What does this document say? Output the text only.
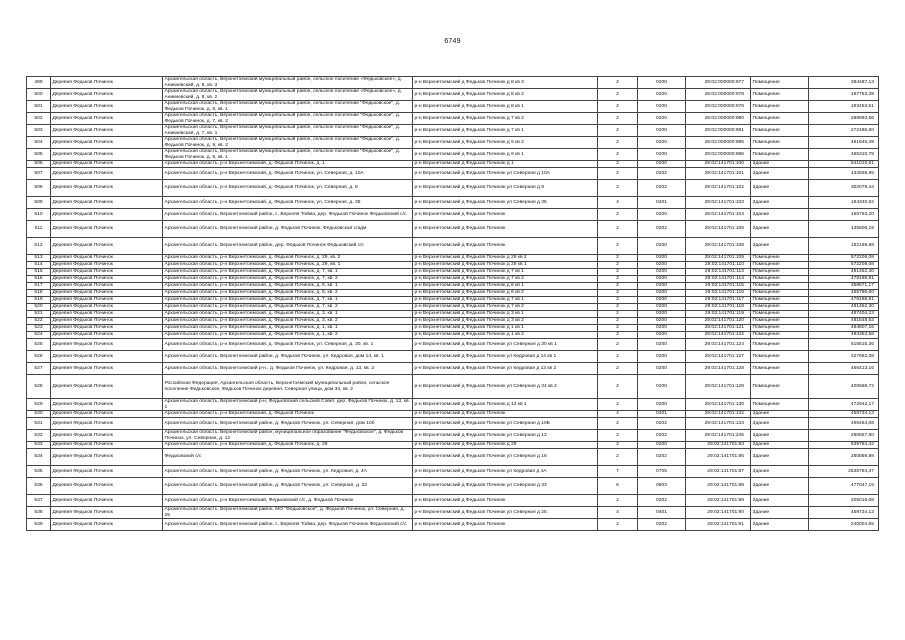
6749
499	Деревня Федьков Починок	Архангельская область, Верхнетоемский муниципальный район, сельское поселение «Федьковское», д. Аникиевский, д. 8, кв. 3	р-н Верхнетоемский д Федьков Починок д 8 кв 3	2	0200	29:02:000000:977	Помещение	384487,13
500	Деревня Федьков Починок	Архангельская область, Верхнетоемский муниципальный район, сельское поселение «Федьковское», д. Аникиевский, д. 8, кв. 2	р-н Верхнетоемский д Федьков Починок д 8 кв 2	2	0200	29:02:000000:978	Помещение	197753,39
501	Деревня Федьков Починок	Архангельская область, Верхнетоемский муниципальный район, сельское поселение "Федьковское", д. Федьков Починок, д. 8, кв. 1	р-н Верхнетоемский д Федьков Починок д 8 кв 1	2	0200	29:02:000000:979	Помещение	193453,51
502	Деревня Федьков Починок	Архангельская область, Верхнетоемский муниципальный район, сельское поселение "Федьковское", д. Федьков Починок, д. 7, кв. 2	р-н Верхнетоемский д Федьков Починок д 7 кв 2	2	0200	29:02:000000:980	Помещение	289893,56
503	Деревня Федьков Починок	Архангельская область, Верхнетоемский муниципальный район, сельское поселение "Федьковское", д. Аникиевская, д. 7, кв. 1	р-н Верхнетоемский д Федьков Починок д 7 кв 1	2	0200	29:02:000000:981	Помещение	272486,60
504	Деревня Федьков Починок	Архангельская область, Верхнетоемский муниципальный район, сельское поселение "Федьковское", д. Федьков Починок, д. 9, кв. 2	р-н Верхнетоемский д Федьков Починок д 9 кв 2	2	0200	29:02:000000:985	Помещение	461845,49
505	Деревня Федьков Починок	Архангельская область, Верхнетоемский муниципальный район, сельское поселение "Федьковское", д. Федьков Починок, д. 9, кв. 1	р-н Верхнетоемский д Федьков Починок д 9 кв 1	2	0200	29:02:000000:986	Помещение	465310,79
506	Деревня Федьков Починок	Архангельская область, р-н Верхнетоемский, д. Федьков Починок, д. 1	р-н Верхнетоемский д Федьков Починок д 1	2	0200	29:02:141701:100	Здание	541010,61
507	Деревня Федьков Починок	Архангельская область, р-н Верхнетоемский, д. Федьков Починок, ул. Северная, д. 10А	р-н Верхнетоемский д Федьков Починок ул Северная д 10А	2	0202	29:02:141701:101	Здание	134938,95
508	Деревня Федьков Починок	Архангельская область, р-н Верхнетоемский, д. Федьков Починок, ул. Северная, д. 8	р-н Верхнетоемский д Федьков Починок ул Северная д 8	2	0202	29:02:141701:102	Здание	302079,44
509	Деревня Федьков Починок	Архангельская область, р-н Верхнетоемский, д. Федьков Починок, ул. Северная, д. 35	р-н Верхнетоемский д Федьков Починок ул Северная д 35	4	0401	29:02:141701:103	Здание	184340,52
510	Деревня Федьков Починок	Архангельская область, Верхнетоемский район, с. Верхняя Тойма, дер. Федьков Починок Федьковский с/с	р-н Верхнетоемский д Федьков Починок	2	0200	29:02:141701:104	Здание	165753,20
511	Деревня Федьков Починок	Архангельская область, Верхнетоемский район, д. Федьков Починок, Федьковская с/адм	р-н Верхнетоемский д Федьков Починок	2	0202	29:02:141701:105	Здание	135806,19
512	Деревня Федьков Починок	Архангельская область, Верхнетоемский район, дер. Федьков Починок Федьковский с/с	р-н Верхнетоемский д Федьков Починок	2	0200	29:02:141701:108	Здание	182168,68
513	Деревня Федьков Починок	Архангельская область, р-н Верхнетоемский, д. Федьков Починок, д. 29, кв. 2	р-н Верхнетоемский д Федьков Починок д 29 кв 2	2	0200	29:02:141701:109	Помещение	572208,08
514	Деревня Федьков Починок	Архангельская область, р-н Верхнетоемский, д. Федьков Починок, д. 29, кв. 1	р-н Верхнетоемский д Федьков Починок д 29 кв 1	2	0200	29:02:141701:110	Помещение	572208,08
515	Деревня Федьков Починок	Архангельская область, р-н Верхнетоемский, д. Федьков Починок, д. 7, кв. 1	р-н Верхнетоемский д Федьков Починок д 7 кв 1	2	0200	29:02:141701:113	Помещение	481452,30
516	Деревня Федьков Починок	Архангельская область, р-н Верхнетоемский, д. Федьков Починок, д. 7, кв. 2	р-н Верхнетоемский д Федьков Починок д 7 кв 2	2	0200	29:02:141701:114	Помещение	479188,91
517	Деревня Федьков Починок	Архангельская область, р-н Верхнетоемский, д. Федьков Починок, д. 6, кв. 1	р-н Верхнетоемский д Федьков Починок д 6 кв 1	2	0200	29:02:141701:115	Помещение	358671,17
518	Деревня Федьков Починок	Архангельская область, р-н Верхнетоемский, д. Федьков Починок, д. 6, кв. 2	р-н Верхнетоемский д Федьков Починок д 6 кв 2	2	0200	29:02:141701:116	Помещение	465786,60
519	Деревня Федьков Починок	Архангельская область, р-н Верхнетоемский, д. Федьков Починок, д. 7, кв. 1	р-н Верхнетоемский д Федьков Починок д 7 кв 1	2	0200	29:02:141701:117	Помещение	479188,91
520	Деревня Федьков Починок	Архангельская область, р-н Верхнетоемский, д. Федьков Починок, д. 7, кв. 2	р-н Верхнетоемский д Федьков Починок д 7 кв 2	2	0200	29:02:141701:118	Помещение	481452,30
521	Деревня Федьков Починок	Архангельская область, р-н Верхнетоемский, д. Федьков Починок, д. 3, кв. 1	р-н Верхнетоемский д Федьков Починок д 3 кв 1	2	0200	29:02:141701:119	Помещение	487404,23
522	Деревня Федьков Починок	Архангельская область, р-н Верхнетоемский, д. Федьков Починок, д. 3, кв. 2	р-н Верхнетоемский д Федьков Починок д 3 кв 2	2	0200	29:02:141701:120	Помещение	481548,62
523	Деревня Федьков Починок	Архангельская область, р-н Верхнетоемский, д. Федьков Починок, д. 1, кв. 1	р-н Верхнетоемский д Федьков Починок д 1 кв 1	2	0200	29:02:141701:121	Помещение	484807,16
524	Деревня Федьков Починок	Архангельская область, р-н Верхнетоемский, д. Федьков Починок, д. 1, кв. 2	р-н Верхнетоемский д Федьков Починок д 1 кв 2	2	0200	29:02:141701:122	Помещение	483353,58
525	Деревня Федьков Починок	Архангельская область, р-н Верхнетоемский, д. Федьков Починок, ул. Северная, д. 30, кв. 1	р-н Верхнетоемский д Федьков Починок ул Северная д 30 кв 1	2	0200	29:02:141701:124	Помещение	615615,36
526	Деревня Федьков Починок	Архангельская область, Верхнетоемский район, д. Федьков Починок, ул. Кедровая, дом 14, кв. 1	р-н Верхнетоемский д Федьков Починок ул Кедровая д 14 кв 1	2	0200	29:02:141701:127	Помещение	327682,08
527	Деревня Федьков Починок	Архангельская область, Верхнетоемский р-н., д. Федьков Починок, ул. Кедровая, д. 13, кв. 2	р-н Верхнетоемский д Федьков Починок ул Кедровая д 13 кв 2	2	0200	29:02:141701:128	Помещение	466413,16
528	Деревня Федьков Починок	Российская Федерация, Архангельская область, Верхнетоемский муниципальный район, сельское поселение Федьковское, Федьков Починок деревня, Северная улица, дом 34, кв. 2	р-н Верхнетоемский д Федьков Починок ул Северная д 34 кв 2	2	0200	29:02:141701:129	Помещение	400658,72
529	Деревня Федьков Починок	Архангельская область, Верхнетоемский р-н, Федьковский сельский Совет, дер. Федьков Починок, д. 13, кв. 1	р-н Верхнетоемский д Федьков Починок д 13 кв 1	2	0200	29:02:141701:130	Помещение	472942,17
530	Деревня Федьков Починок	Архангельская область, р-н Верхнетоемский, д. Федьков Починок	р-н Верхнетоемский д Федьков Починок	4	0401	29:02:141701:132	Здание	459734,13
531	Деревня Федьков Починок	Архангельская область, Верхнетоемский район, д. Федьков Починок, ул. Северная, дом 10б	р-н Верхнетоемский д Федьков Починок ул Северная д 10Б	2	0202	29:02:141701:134	Здание	496464,08
532	Деревня Федьков Починок	Архангельская область, Верхнетоемский район, муниципальное образование "Федьковское", д. Федьков Починок, ул. Северная, д. 12	р-н Верхнетоемский д Федьков Починок ул Северная д 12	2	0202	29:02:141701:245	Здание	250657,60
533	Деревня Федьков Починок	Архангельская область, р-н Верхнетоемский, д. Федьков Починок, д. 29	р-н Верхнетоемский д Федьков Починок д 29	2	0200	29:02:141701:83	Здание	639784,42
534	Деревня Федьков Починок	Федьковский с/с	р-н Верхнетоемский д Федьков Починок ул Северная д 16	2	0202	29:02:141701:85	Здание	280889,98
535	Деревня Федьков Починок	Архангельская область, Верхнетоемский район, д. Федьков Починок, ул. Кедровая, д. 4А	р-н Верхнетоемский д Федьков Починок ул Кедровая д 4А	7	0705	29:02:141701:87	Здание	2536784,37
536	Деревня Федьков Починок	Архангельская область, Верхнетоемский район, д. Федьков Починок, ул. Северная, д. 33	р-н Верхнетоемский д Федьков Починок ул Северная д 33	6	0603	29:02:141701:88	Здание	477047,15
537	Деревня Федьков Починок	Архангельская область, р-н Верхнетоемский, Федьковский с/с, д. Федьков Починок	р-н Верхнетоемский д Федьков Починок	2	0202	29:02:141701:89	Здание	205016,08
538	Деревня Федьков Починок	Архангельская область, Верхнетоемский район, МО "Федьковское", д. Федьков Починок, ул. Северная, д. 25	р-н Верхнетоемский д Федьков Починок ул Северная д 25	4	0401	29:02:141701:90	Здание	459734,13
539	Деревня Федьков Починок	Архангельская область, Верхнетоемский район, с. Верхняя Тойма, дер. Федьков Починок Федьковский с/с	р-н Верхнетоемский д Федьков Починок	2	0202	29:02:141701:91	Здание	240004,65
